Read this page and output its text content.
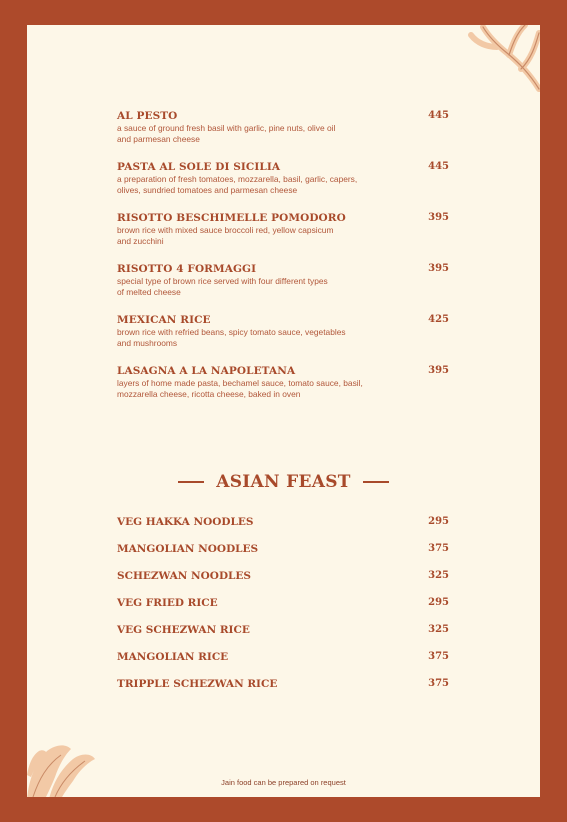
AL PESTO	445
a sauce of ground fresh basil with garlic, pine nuts, olive oil
and parmesan cheese
PASTA AL SOLE DI SICILIA	445
a preparation of fresh tomatoes, mozzarella, basil, garlic, capers,
olives, sundried tomatoes and parmesan cheese
RISOTTO BESCHIMELLE POMODORO	395
brown rice with mixed sauce broccoli red, yellow capsicum
and zucchini
RISOTTO 4 FORMAGGI	395
special type of brown rice served with four different types
of melted cheese
MEXICAN RICE	425
brown rice with refried beans, spicy tomato sauce, vegetables
and mushrooms
LASAGNA A LA NAPOLETANA	395
layers of home made pasta, bechamel sauce, tomato sauce, basil,
mozzarella cheese, ricotta cheese, baked in oven
ASIAN FEAST
VEG HAKKA NOODLES	295
MANGOLIAN NOODLES	375
SCHEZWAN NOODLES	325
VEG FRIED RICE	295
VEG SCHEZWAN RICE	325
MANGOLIAN RICE	375
TRIPPLE SCHEZWAN RICE	375
Jain food can be prepared on request
